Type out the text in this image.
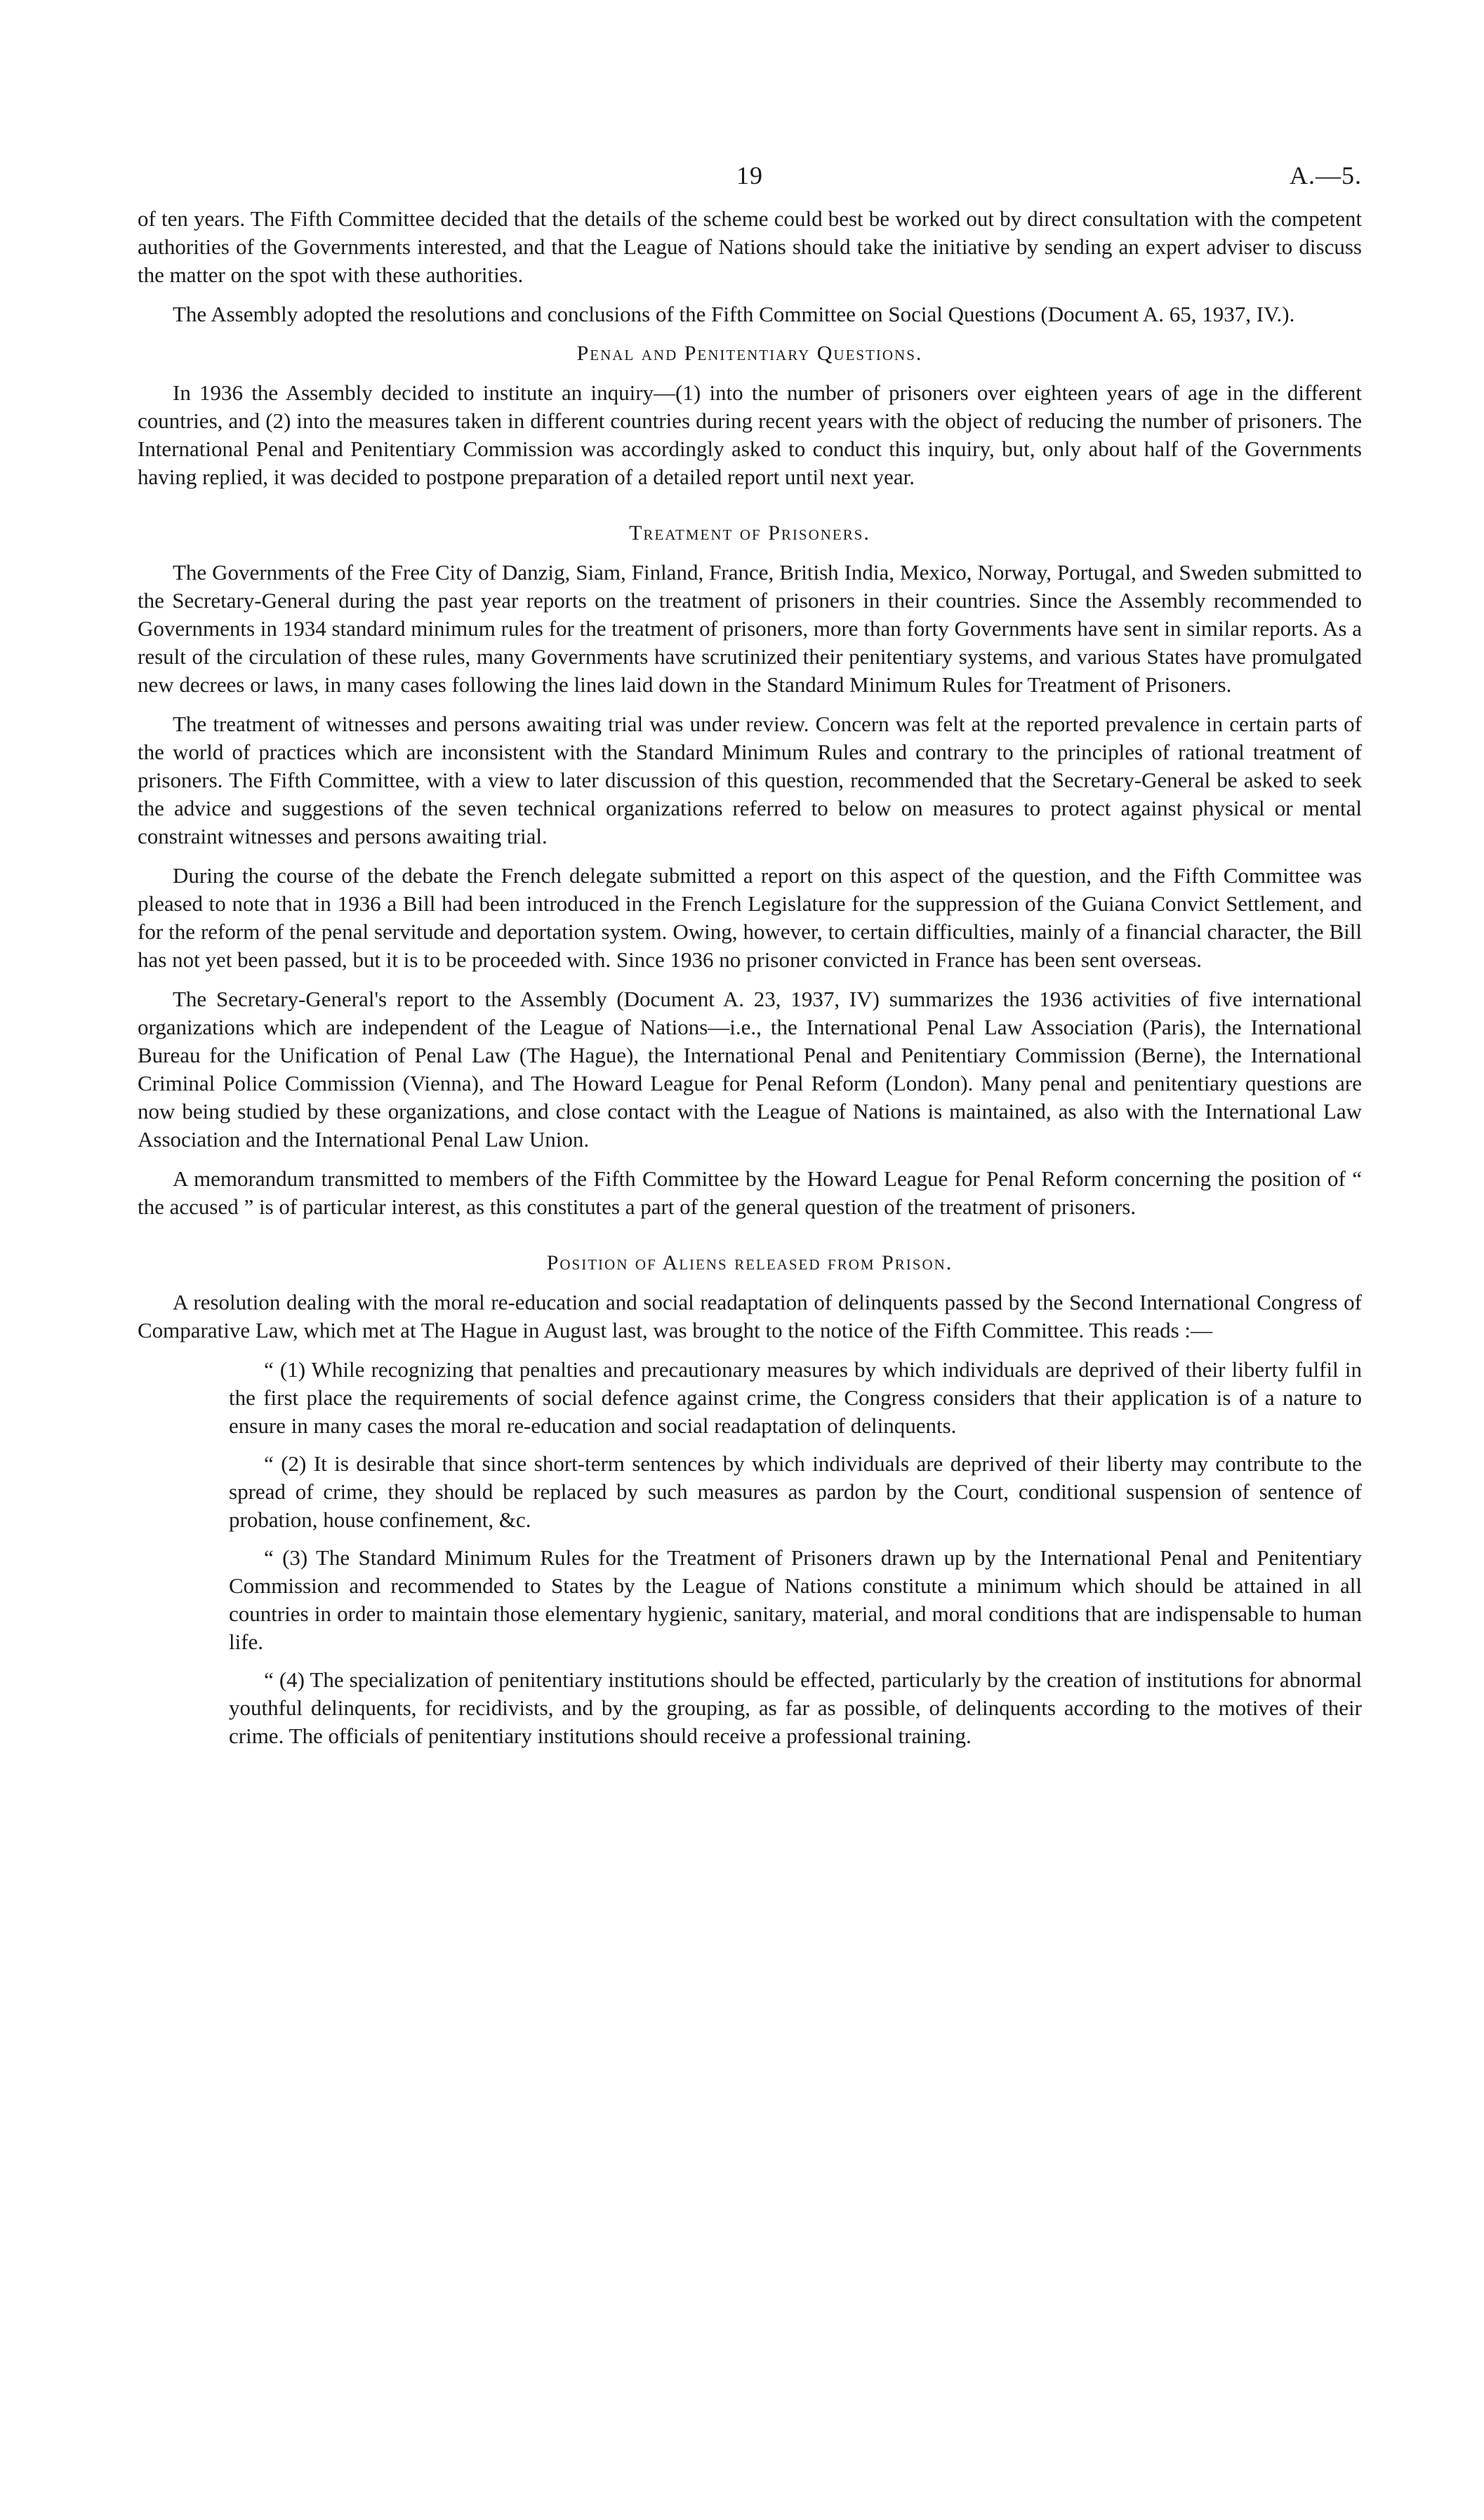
19	A.—5.

of ten years. The Fifth Committee decided that the details of the scheme could best be worked out by direct consultation with the competent authorities of the Governments interested, and that the League of Nations should take the initiative by sending an expert adviser to discuss the matter on the spot with these authorities.

The Assembly adopted the resolutions and conclusions of the Fifth Committee on Social Questions (Document A. 65, 1937, IV.).

Penal and Penitentiary Questions.

In 1936 the Assembly decided to institute an inquiry—(1) into the number of prisoners over eighteen years of age in the different countries, and (2) into the measures taken in different countries during recent years with the object of reducing the number of prisoners. The International Penal and Penitentiary Commission was accordingly asked to conduct this inquiry, but, only about half of the Governments having replied, it was decided to postpone preparation of a detailed report until next year.

Treatment of Prisoners.

The Governments of the Free City of Danzig, Siam, Finland, France, British India, Mexico, Norway, Portugal, and Sweden submitted to the Secretary-General during the past year reports on the treatment of prisoners in their countries. Since the Assembly recommended to Governments in 1934 standard minimum rules for the treatment of prisoners, more than forty Governments have sent in similar reports. As a result of the circulation of these rules, many Governments have scrutinized their penitentiary systems, and various States have promulgated new decrees or laws, in many cases following the lines laid down in the Standard Minimum Rules for Treatment of Prisoners.

The treatment of witnesses and persons awaiting trial was under review. Concern was felt at the reported prevalence in certain parts of the world of practices which are inconsistent with the Standard Minimum Rules and contrary to the principles of rational treatment of prisoners. The Fifth Committee, with a view to later discussion of this question, recommended that the Secretary-General be asked to seek the advice and suggestions of the seven technical organizations referred to below on measures to protect against physical or mental constraint witnesses and persons awaiting trial.

During the course of the debate the French delegate submitted a report on this aspect of the question, and the Fifth Committee was pleased to note that in 1936 a Bill had been introduced in the French Legislature for the suppression of the Guiana Convict Settlement, and for the reform of the penal servitude and deportation system. Owing, however, to certain difficulties, mainly of a financial character, the Bill has not yet been passed, but it is to be proceeded with. Since 1936 no prisoner convicted in France has been sent overseas.

The Secretary-General's report to the Assembly (Document A. 23, 1937, IV) summarizes the 1936 activities of five international organizations which are independent of the League of Nations—i.e., the International Penal Law Association (Paris), the International Bureau for the Unification of Penal Law (The Hague), the International Penal and Penitentiary Commission (Berne), the International Criminal Police Commission (Vienna), and The Howard League for Penal Reform (London). Many penal and penitentiary questions are now being studied by these organizations, and close contact with the League of Nations is maintained, as also with the International Law Association and the International Penal Law Union.

A memorandum transmitted to members of the Fifth Committee by the Howard League for Penal Reform concerning the position of “ the accused ” is of particular interest, as this constitutes a part of the general question of the treatment of prisoners.

Position of Aliens released from Prison.

A resolution dealing with the moral re-education and social readaptation of delinquents passed by the Second International Congress of Comparative Law, which met at The Hague in August last, was brought to the notice of the Fifth Committee. This reads :—

“ (1) While recognizing that penalties and precautionary measures by which individuals are deprived of their liberty fulfil in the first place the requirements of social defence against crime, the Congress considers that their application is of a nature to ensure in many cases the moral re-education and social readaptation of delinquents.

“ (2) It is desirable that since short-term sentences by which individuals are deprived of their liberty may contribute to the spread of crime, they should be replaced by such measures as pardon by the Court, conditional suspension of sentence of probation, house confinement, &c.

“ (3) The Standard Minimum Rules for the Treatment of Prisoners drawn up by the International Penal and Penitentiary Commission and recommended to States by the League of Nations constitute a minimum which should be attained in all countries in order to maintain those elementary hygienic, sanitary, material, and moral conditions that are indispensable to human life.

“ (4) The specialization of penitentiary institutions should be effected, particularly by the creation of institutions for abnormal youthful delinquents, for recidivists, and by the grouping, as far as possible, of delinquents according to the motives of their crime. The officials of penitentiary institutions should receive a professional training.
